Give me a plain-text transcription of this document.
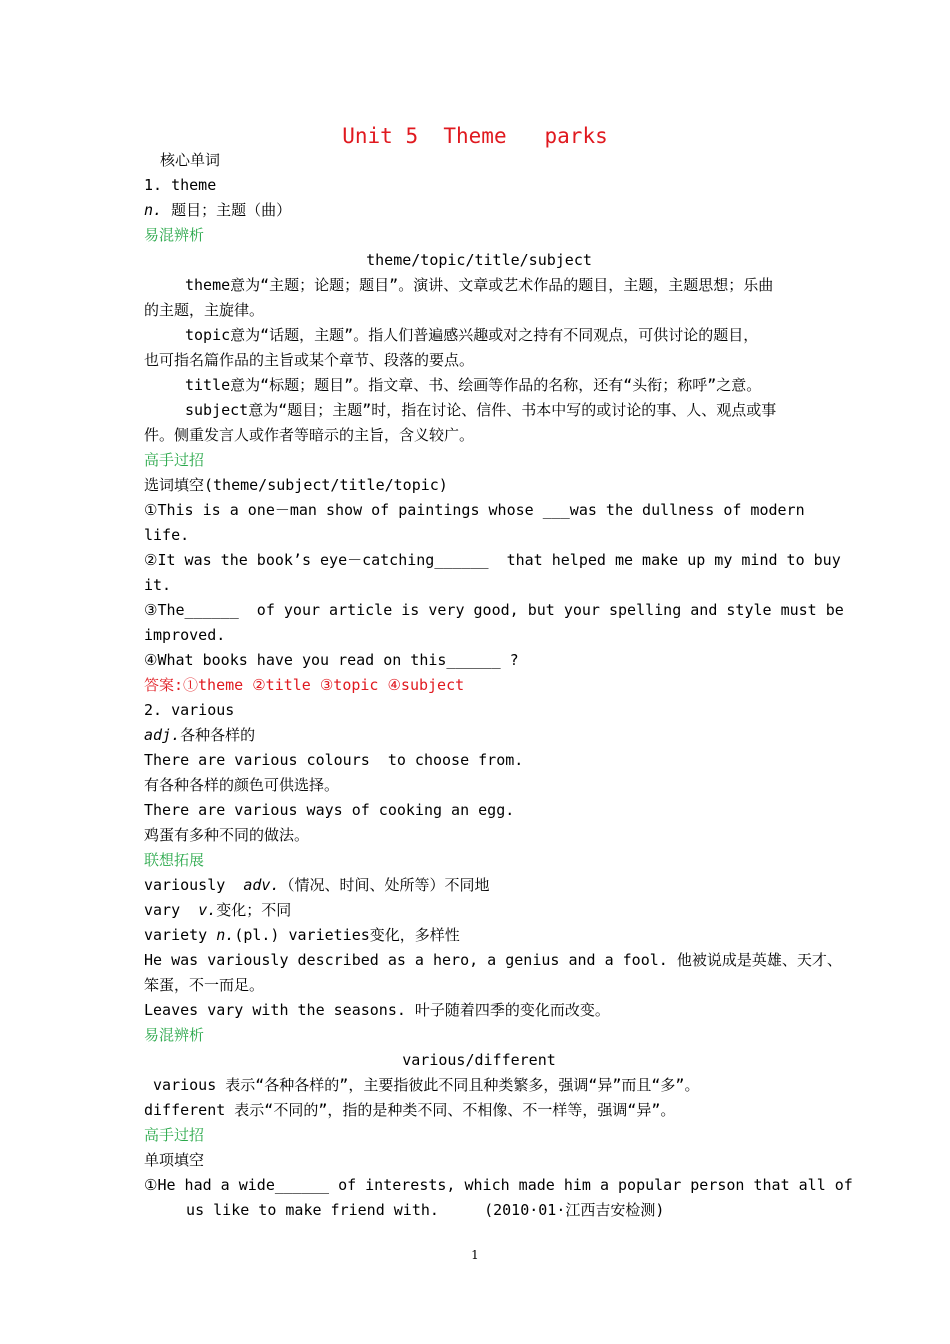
Unit 5  Theme   parks
核心单词
1. theme
n. 题目；主题（曲）
易混辨析
theme/topic/title/subject
theme意为“主题；论题；题目”。演讲、文章或艺术作品的题目，主题，主题思想；乐曲
的主题，主旋律。
topic意为“话题，主题”。指人们普遍感兴趣或对之持有不同观点，可供讨论的题目，
也可指名篇作品的主旨或某个章节、段落的要点。
title意为“标题；题目”。指文章、书、绘画等作品的名称，还有“头衔；称呼”之意。
subject意为“题目；主题”时，指在讨论、信件、书本中写的或讨论的事、人、观点或事
件。侧重发言人或作者等暗示的主旨，含义较广。
高手过招
选词填空(theme/subject/title/topic)
①This is a one－man show of paintings whose ___was the dullness of modern
life.
②It was the book’s eye－catching______  that helped me make up my mind to buy
it.
③The______  of your article is very good, but your spelling and style must be
improved.
④What books have you read on this______ ?
答案:①theme ②title ③topic ④subject
2. various
adj.各种各样的
There are various colours  to choose from.
有各种各样的颜色可供选择。
There are various ways of cooking an egg.
鸡蛋有多种不同的做法。
联想拓展
variously  adv.（情况、时间、处所等）不同地
vary  v.变化；不同
variety n.(pl.) varieties变化，多样性
He was variously described as a hero, a genius and a fool. 他被说成是英雄、天才、
笨蛋，不一而足。
Leaves vary with the seasons. 叶子随着四季的变化而改变。
易混辨析
various/different
various 表示“各种各样的”，主要指彼此不同且种类繁多，强调“异”而且“多”。
different 表示“不同的”，指的是种类不同、不相像、不一样等，强调“异”。
高手过招
单项填空
①He had a wide______ of interests, which made him a popular person that all of
us like to make friend with.     (2010·01·江西吉安检测)
1
